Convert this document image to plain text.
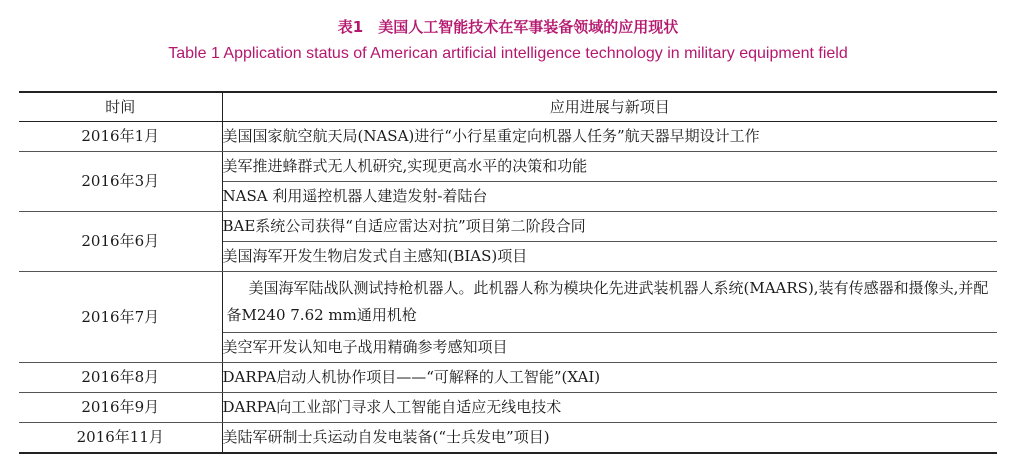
表1　美国人工智能技术在军事装备领域的应用现状
Table 1 Application status of American artificial intelligence technology in military equipment field
时间	应用进展与新项目
2016年1月	美国国家航空航天局(NASA)进行“小行星重定向机器人任务”航天器早期设计工作
2016年3月	美军推进蜂群式无人机研究,实现更高水平的决策和功能
	NASA 利用遥控机器人建造发射-着陆台
2016年6月	BAE系统公司获得“自适应雷达对抗”项目第二阶段合同
	美国海军开发生物启发式自主感知(BIAS)项目
2016年7月	美国海军陆战队测试持枪机器人。此机器人称为模块化先进武装机器人系统(MAARS),装有传感器和摄像头,并配备M240 7.62 mm通用机枪
	美空军开发认知电子战用精确参考感知项目
2016年8月	DARPA启动人机协作项目——“可解释的人工智能”(XAI)
2016年9月	DARPA向工业部门寻求人工智能自适应无线电技术
2016年11月	美陆军研制士兵运动自发电装备(“士兵发电”项目)
